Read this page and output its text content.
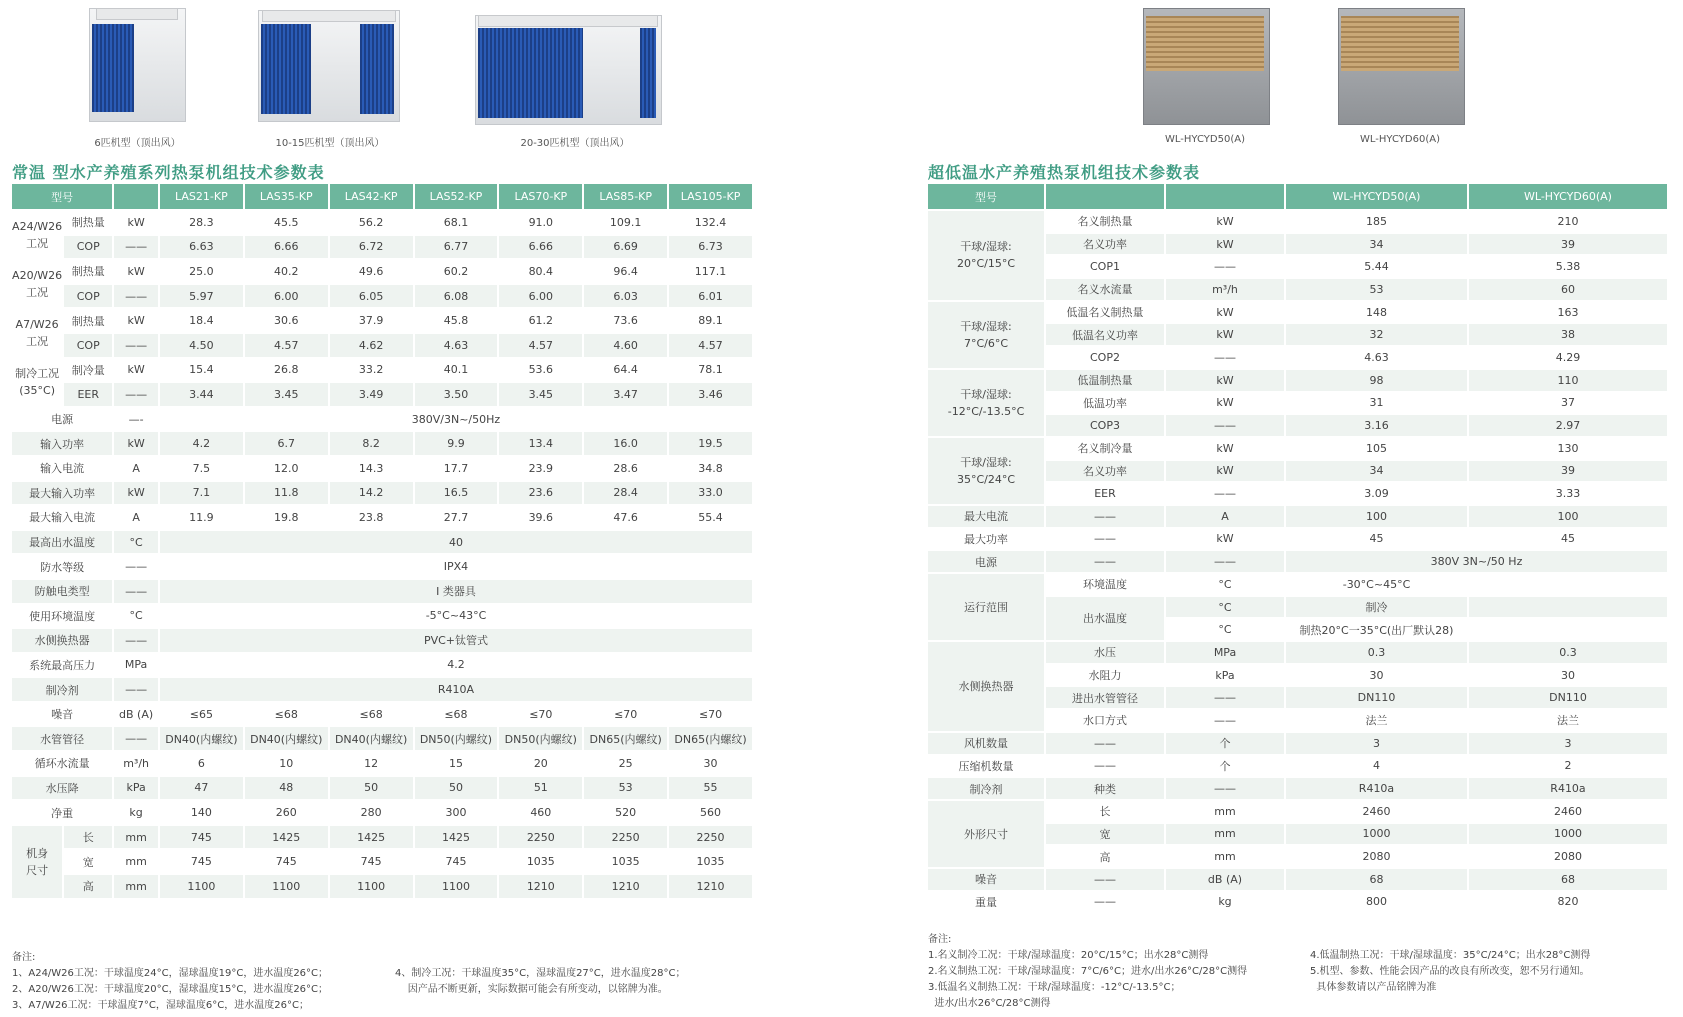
6匹机型（顶出风）	10-15匹机型（顶出风）	20-30匹机型（顶出风）	WL-HYCYD50(A)	WL-HYCYD60(A)
常温 型水产养殖系列热泵机组技术参数表	超低温水产养殖热泵机组技术参数表
型号			LAS21-KP	LAS35-KP	LAS42-KP	LAS52-KP	LAS70-KP	LAS85-KP	LAS105-KP
A24/W26
工况	制热量	kW	28.3	45.5	56.2	68.1	91.0	109.1	132.4
	COP	——	6.63	6.66	6.72	6.77	6.66	6.69	6.73
A20/W26
工况	制热量	kW	25.0	40.2	49.6	60.2	80.4	96.4	117.1
	COP	——	5.97	6.00	6.05	6.08	6.00	6.03	6.01
A7/W26
工况	制热量	kW	18.4	30.6	37.9	45.8	61.2	73.6	89.1
	COP	——	4.50	4.57	4.62	4.63	4.57	4.60	4.57
制冷工况
(35°C)	制冷量	kW	15.4	26.8	33.2	40.1	53.6	64.4	78.1
	EER	——	3.44	3.45	3.49	3.50	3.45	3.47	3.46
电源		—-	380V/3N~/50Hz						
输入功率		kW	4.2	6.7	8.2	9.9	13.4	16.0	19.5
输入电流		A	7.5	12.0	14.3	17.7	23.9	28.6	34.8
最大输入功率		kW	7.1	11.8	14.2	16.5	23.6	28.4	33.0
最大输入电流		A	11.9	19.8	23.8	27.7	39.6	47.6	55.4
最高出水温度		°C	40						
防水等级		——	IPX4						
防触电类型		——	I 类器具						
使用环境温度		°C	-5°C~43°C						
水侧换热器		——	PVC+钛管式						
系统最高压力		MPa	4.2						
制冷剂		——	R410A						
噪音		dB (A)	≤65	≤68	≤68	≤68	≤70	≤70	≤70
水管管径		——	DN40(内螺纹)	DN40(内螺纹)	DN40(内螺纹)	DN50(内螺纹)	DN50(内螺纹)	DN65(内螺纹)	DN65(内螺纹)
循环水流量		m³/h	6	10	12	15	20	25	30
水压降		kPa	47	48	50	50	51	53	55
净重		kg	140	260	280	300	460	520	560
机身
尺寸	长	mm	745	1425	1425	1425	2250	2250	2250
	宽	mm	745	745	745	745	1035	1035	1035
	高	mm	1100	1100	1100	1100	1210	1210	1210
备注:
1、A24/W26工况：干球温度24°C，湿球温度19°C，进水温度26°C；
2、A20/W26工况：干球温度20°C，湿球温度15°C，进水温度26°C；
3、A7/W26工况：干球温度7°C，湿球温度6°C，进水温度26°C；
4、制冷工况：干球温度35°C，湿球温度27°C，进水温度28°C；
因产品不断更新，实际数据可能会有所变动，以铭牌为准。
型号			WL-HYCYD50(A)	WL-HYCYD60(A)
干球/湿球:
20°C/15°C	名义制热量	kW	185	210
	名义功率	kW	34	39
	COP1	——	5.44	5.38
	名义水流量	m³/h	53	60
干球/湿球:
7°C/6°C	低温名义制热量	kW	148	163
	低温名义功率	kW	32	38
	COP2	——	4.63	4.29
干球/湿球:
-12°C/-13.5°C	低温制热量	kW	98	110
	低温功率	kW	31	37
	COP3	——	3.16	2.97
干球/湿球:
35°C/24°C	名义制冷量	kW	105	130
	名义功率	kW	34	39
	EER	——	3.09	3.33
最大电流	——	A	100	100
最大功率	——	kW	45	45
电源	——	——	380V 3N~/50 Hz	
运行范围	环境温度	°C	-30°C~45°C	
	出水温度	°C	制冷	
		°C	制热20°C一35°C(出厂默认28)	
水侧换热器	水压	MPa	0.3	0.3
	水阻力	kPa	30	30
	进出水管管径	——	DN110	DN110
	水口方式	——	法兰	法兰
风机数量	——	个	3	3
压缩机数量	——	个	4	2
制冷剂	种类	——	R410a	R410a
外形尺寸	长	mm	2460	2460
	宽	mm	1000	1000
	高	mm	2080	2080
噪音	——	dB (A)	68	68
重量	——	kg	800	820
备注:
1.名义制冷工况：干球/湿球温度：20°C/15°C；出水28°C测得
2.名义制热工况：干球/湿球温度：7°C/6°C；进水/出水26°C/28°C测得
3.低温名义制热工况：干球/湿球温度：-12°C/-13.5°C；
进水/出水26°C/28°C测得
4.低温制热工况：干球/湿球温度：35°C/24°C；出水28°C测得
5.机型、参数、性能会因产品的改良有所改变，恕不另行通知。
具体参数请以产品铭牌为准
